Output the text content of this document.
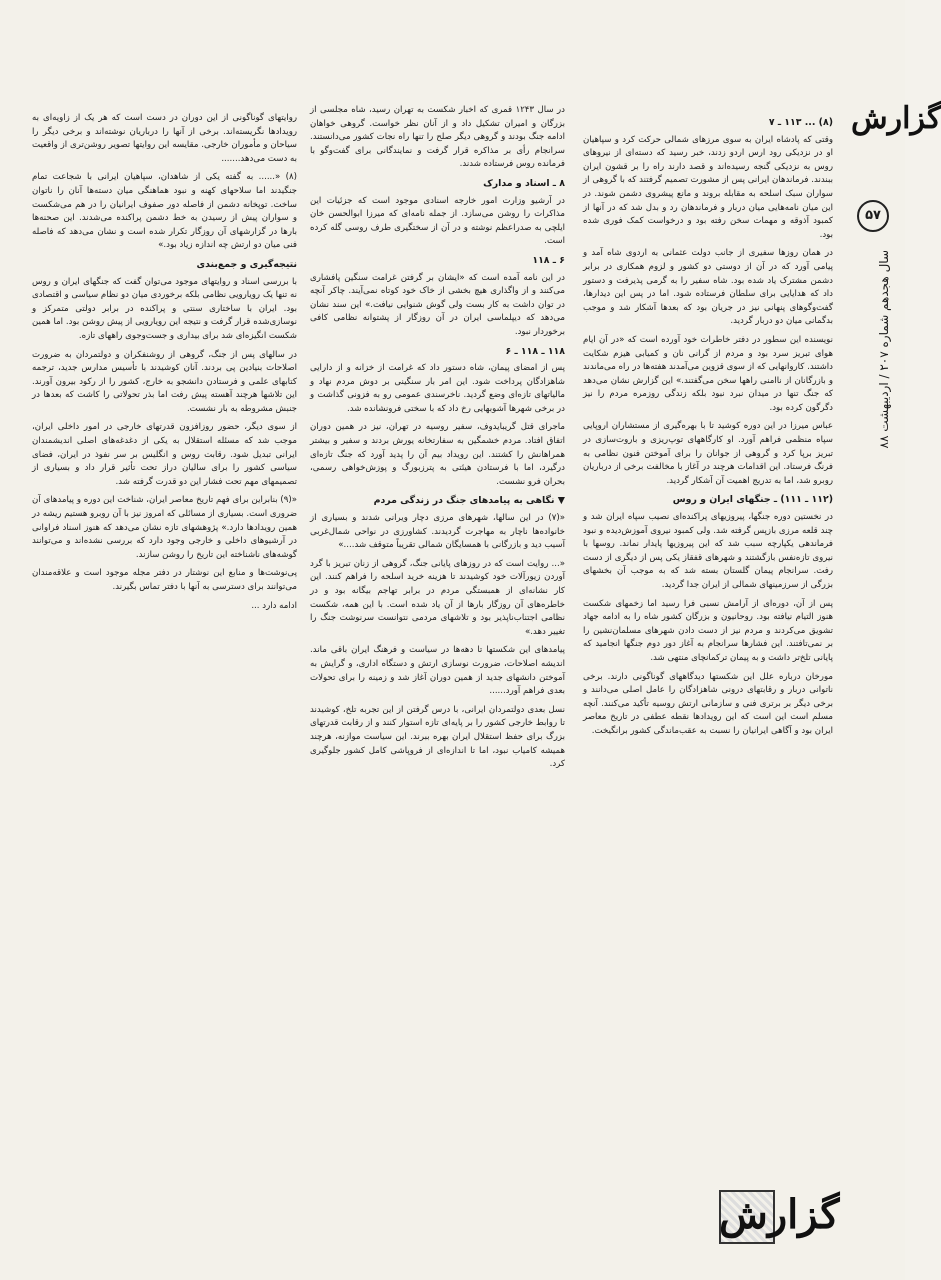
گزارش
۵۷
سال هجدهم شماره ۲۰۷ / اردیبهشت ۸۸

(۸) ... ۱۱۳ ـ ۷

وقتی که پادشاه ایران به سوی مرزهای شمالی حرکت کرد و سپاهیان او در نزدیکی رود ارس اردو زدند، خبر رسید که دسته‌ای از نیروهای روس به نزدیکی گنجه رسیده‌اند و قصد دارند راه را بر قشون ایران ببندند. فرماندهان ایرانی پس از مشورت تصمیم گرفتند که با گروهی از سواران سبک اسلحه به مقابله بروند و مانع پیشروی دشمن شوند. در این میان نامه‌هایی میان دربار و فرماندهان رد و بدل شد که در آنها از کمبود آذوقه و مهمات سخن رفته بود و درخواست کمک فوری شده بود.

در همان روزها سفیری از جانب دولت عثمانی به اردوی شاه آمد و پیامی آورد که در آن از دوستی دو کشور و لزوم همکاری در برابر دشمن مشترک یاد شده بود. شاه سفیر را به گرمی پذیرفت و دستور داد که هدایایی برای سلطان فرستاده شود. اما در پس این دیدارها، گفت‌وگوهای پنهانی نیز در جریان بود که بعدها آشکار شد و موجب بدگمانی میان دو دربار گردید.

نویسنده این سطور در دفتر خاطرات خود آورده است که «در آن ایام هوای تبریز سرد بود و مردم از گرانی نان و کمیابی هیزم شکایت داشتند. کاروانهایی که از سوی قزوین می‌آمدند هفته‌ها در راه می‌ماندند و بازرگانان از ناامنی راهها سخن می‌گفتند.» این گزارش نشان می‌دهد که جنگ تنها در میدان نبرد نبود بلکه زندگی روزمره مردم را نیز دگرگون کرده بود.

عباس میرزا در این دوره کوشید تا با بهره‌گیری از مستشاران اروپایی سپاه منظمی فراهم آورد. او کارگاههای توپ‌ریزی و باروت‌سازی در تبریز برپا کرد و گروهی از جوانان را برای آموختن فنون نظامی به فرنگ فرستاد. این اقدامات هرچند در آغاز با مخالفت برخی از درباریان روبرو شد، اما به تدریج اهمیت آن آشکار گردید.

(۱۱۲ ـ ۱۱۱) ـ جنگهای ایران و روس

در نخستین دوره جنگها، پیروزیهای پراکنده‌ای نصیب سپاه ایران شد و چند قلعه مرزی بازپس گرفته شد. ولی کمبود نیروی آموزش‌دیده و نبود فرماندهی یکپارچه سبب شد که این پیروزیها پایدار نماند. روسها با نیروی تازه‌نفس بازگشتند و شهرهای قفقاز یکی پس از دیگری از دست رفت. سرانجام پیمان گلستان بسته شد که به موجب آن بخشهای بزرگی از سرزمینهای شمالی از ایران جدا گردید.

پس از آن، دوره‌ای از آرامش نسبی فرا رسید اما زخمهای شکست هنوز التیام نیافته بود. روحانیون و بزرگان کشور شاه را به ادامه جهاد تشویق می‌کردند و مردم نیز از دست دادن شهرهای مسلمان‌نشین را بر نمی‌تافتند. این فشارها سرانجام به آغاز دور دوم جنگها انجامید که پایانی تلخ‌تر داشت و به پیمان ترکمانچای منتهی شد.

مورخان درباره علل این شکستها دیدگاههای گوناگونی دارند. برخی ناتوانی دربار و رقابتهای درونی شاهزادگان را عامل اصلی می‌دانند و برخی دیگر بر برتری فنی و سازمانی ارتش روسیه تأکید می‌کنند. آنچه مسلم است این است که این رویدادها نقطه عطفی در تاریخ معاصر ایران بود و آگاهی ایرانیان را نسبت به عقب‌ماندگی کشور برانگیخت.

در سال ۱۲۴۳ قمری که اخبار شکست به تهران رسید، شاه مجلسی از بزرگان و امیران تشکیل داد و از آنان نظر خواست. گروهی خواهان ادامه جنگ بودند و گروهی دیگر صلح را تنها راه نجات کشور می‌دانستند. سرانجام رأی بر مذاکره قرار گرفت و نمایندگانی برای گفت‌وگو با فرمانده روس فرستاده شدند.

۸ ـ اسناد و مدارک

در آرشیو وزارت امور خارجه اسنادی موجود است که جزئیات این مذاکرات را روشن می‌سازد. از جمله نامه‌ای که میرزا ابوالحسن خان ایلچی به صدراعظم نوشته و در آن از سختگیری طرف روسی گله کرده است.

۶ ـ ۱۱۸

در این نامه آمده است که «ایشان بر گرفتن غرامت سنگین پافشاری می‌کنند و از واگذاری هیچ بخشی از خاک خود کوتاه نمی‌آیند. چاکر آنچه در توان داشت به کار بست ولی گوش شنوایی نیافت.» این سند نشان می‌دهد که دیپلماسی ایران در آن روزگار از پشتوانه نظامی کافی برخوردار نبود.

۱۱۸ ـ ۱۱۸ ـ ۶

پس از امضای پیمان، شاه دستور داد که غرامت از خزانه و از دارایی شاهزادگان پرداخت شود. این امر بار سنگینی بر دوش مردم نهاد و مالیاتهای تازه‌ای وضع گردید. ناخرسندی عمومی رو به فزونی گذاشت و در برخی شهرها آشوبهایی رخ داد که با سختی فرونشانده شد.

ماجرای قتل گریبایدوف، سفیر روسیه در تهران، نیز در همین دوران اتفاق افتاد. مردم خشمگین به سفارتخانه یورش بردند و سفیر و بیشتر همراهانش را کشتند. این رویداد بیم آن را پدید آورد که جنگ تازه‌ای درگیرد، اما با فرستادن هیئتی به پترزبورگ و پوزش‌خواهی رسمی، بحران فرو نشست.

▼ نگاهی به پیامدهای جنگ در زندگی مردم

«(۷) در این سالها، شهرهای مرزی دچار ویرانی شدند و بسیاری از خانواده‌ها ناچار به مهاجرت گردیدند. کشاورزی در نواحی شمال‌غربی آسیب دید و بازرگانی با همسایگان شمالی تقریباً متوقف شد....»

«... روایت است که در روزهای پایانی جنگ، گروهی از زنان تبریز با گرد آوردن زیورآلات خود کوشیدند تا هزینه خرید اسلحه را فراهم کنند. این کار نشانه‌ای از همبستگی مردم در برابر تهاجم بیگانه بود و در خاطره‌های آن روزگار بارها از آن یاد شده است. با این همه، شکست نظامی اجتناب‌ناپذیر بود و تلاشهای مردمی نتوانست سرنوشت جنگ را تغییر دهد.»

پیامدهای این شکستها تا دهه‌ها در سیاست و فرهنگ ایران باقی ماند. اندیشه اصلاحات، ضرورت نوسازی ارتش و دستگاه اداری، و گرایش به آموختن دانشهای جدید از همین دوران آغاز شد و زمینه را برای تحولات بعدی فراهم آورد......

نسل بعدی دولتمردان ایرانی، با درس گرفتن از این تجربه تلخ، کوشیدند تا روابط خارجی کشور را بر پایه‌ای تازه استوار کنند و از رقابت قدرتهای بزرگ برای حفظ استقلال ایران بهره ببرند. این سیاست موازنه، هرچند همیشه کامیاب نبود، اما تا اندازه‌ای از فروپاشی کامل کشور جلوگیری کرد.

روایتهای گوناگونی از این دوران در دست است که هر یک از زاویه‌ای به رویدادها نگریسته‌اند. برخی از آنها را درباریان نوشته‌اند و برخی دیگر را سیاحان و مأموران خارجی. مقایسه این روایتها تصویر روشن‌تری از واقعیت به دست می‌دهد.......

(۸) «...... به گفته یکی از شاهدان، سپاهیان ایرانی با شجاعت تمام جنگیدند اما سلاحهای کهنه و نبود هماهنگی میان دسته‌ها آنان را ناتوان ساخت. توپخانه دشمن از فاصله دور صفوف ایرانیان را در هم می‌شکست و سواران پیش از رسیدن به خط دشمن پراکنده می‌شدند. این صحنه‌ها بارها در گزارشهای آن روزگار تکرار شده است و نشان می‌دهد که فاصله فنی میان دو ارتش چه اندازه زیاد بود.»

نتیجه‌گیری و جمع‌بندی

با بررسی اسناد و روایتهای موجود می‌توان گفت که جنگهای ایران و روس نه تنها یک رویارویی نظامی بلکه برخوردی میان دو نظام سیاسی و اقتصادی بود. ایران با ساختاری سنتی و پراکنده در برابر دولتی متمرکز و نوسازی‌شده قرار گرفت و نتیجه این رویارویی از پیش روشن بود. اما همین شکست انگیزه‌ای شد برای بیداری و جست‌وجوی راههای تازه.

در سالهای پس از جنگ، گروهی از روشنفکران و دولتمردان به ضرورت اصلاحات بنیادین پی بردند. آنان کوشیدند با تأسیس مدارس جدید، ترجمه کتابهای علمی و فرستادن دانشجو به خارج، کشور را از رکود بیرون آورند. این تلاشها هرچند آهسته پیش رفت اما بذر تحولاتی را کاشت که بعدها در جنبش مشروطه به بار نشست.

از سوی دیگر، حضور روزافزون قدرتهای خارجی در امور داخلی ایران، موجب شد که مسئله استقلال به یکی از دغدغه‌های اصلی اندیشمندان ایرانی تبدیل شود. رقابت روس و انگلیس بر سر نفوذ در ایران، فضای سیاسی کشور را برای سالیان دراز تحت تأثیر قرار داد و بسیاری از تصمیمهای مهم تحت فشار این دو قدرت گرفته شد.

«(۹) بنابراین برای فهم تاریخ معاصر ایران، شناخت این دوره و پیامدهای آن ضروری است. بسیاری از مسائلی که امروز نیز با آن روبرو هستیم ریشه در همین رویدادها دارد.» پژوهشهای تازه نشان می‌دهد که هنوز اسناد فراوانی در آرشیوهای داخلی و خارجی وجود دارد که بررسی نشده‌اند و می‌توانند گوشه‌های ناشناخته این تاریخ را روشن سازند.

پی‌نوشت‌ها و منابع این نوشتار در دفتر مجله موجود است و علاقه‌مندان می‌توانند برای دسترسی به آنها با دفتر تماس بگیرند.

ادامه دارد ...

گزارش
